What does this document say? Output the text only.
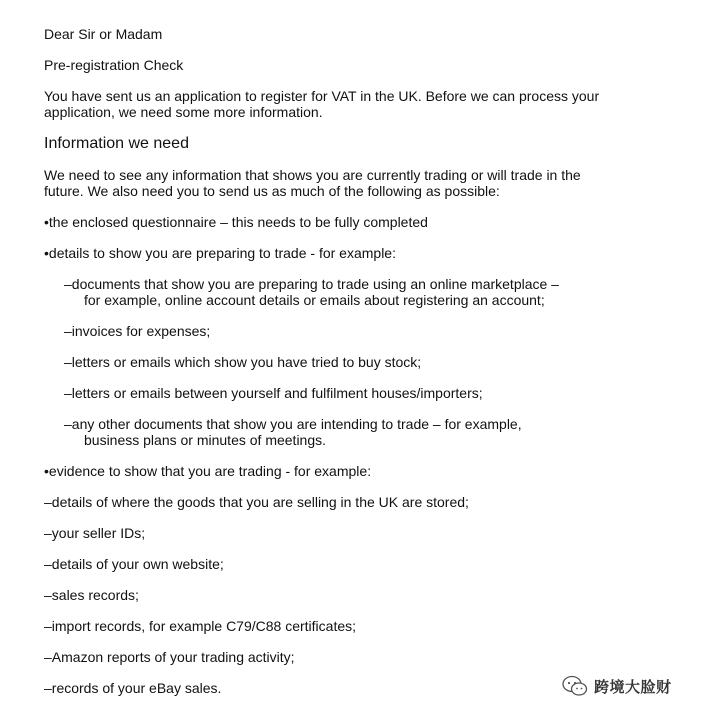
Dear Sir or Madam

Pre-registration Check

You have sent us an application to register for VAT in the UK. Before we can process your application, we need some more information.

Information we need

We need to see any information that shows you are currently trading or will trade in the future. We also need you to send us as much of the following as possible:

•the enclosed questionnaire – this needs to be fully completed

•details to show you are preparing to trade - for example:

–documents that show you are preparing to trade using an online marketplace –
for example, online account details or emails about registering an account;

–invoices for expenses;

–letters or emails which show you have tried to buy stock;

–letters or emails between yourself and fulfilment houses/importers;

–any other documents that show you are intending to trade – for example,
business plans or minutes of meetings.

•evidence to show that you are trading - for example:

–details of where the goods that you are selling in the UK are stored;

–your seller IDs;

–details of your own website;

–sales records;

–import records, for example C79/C88 certificates;

–Amazon reports of your trading activity;

–records of your eBay sales.	跨境大脸财
